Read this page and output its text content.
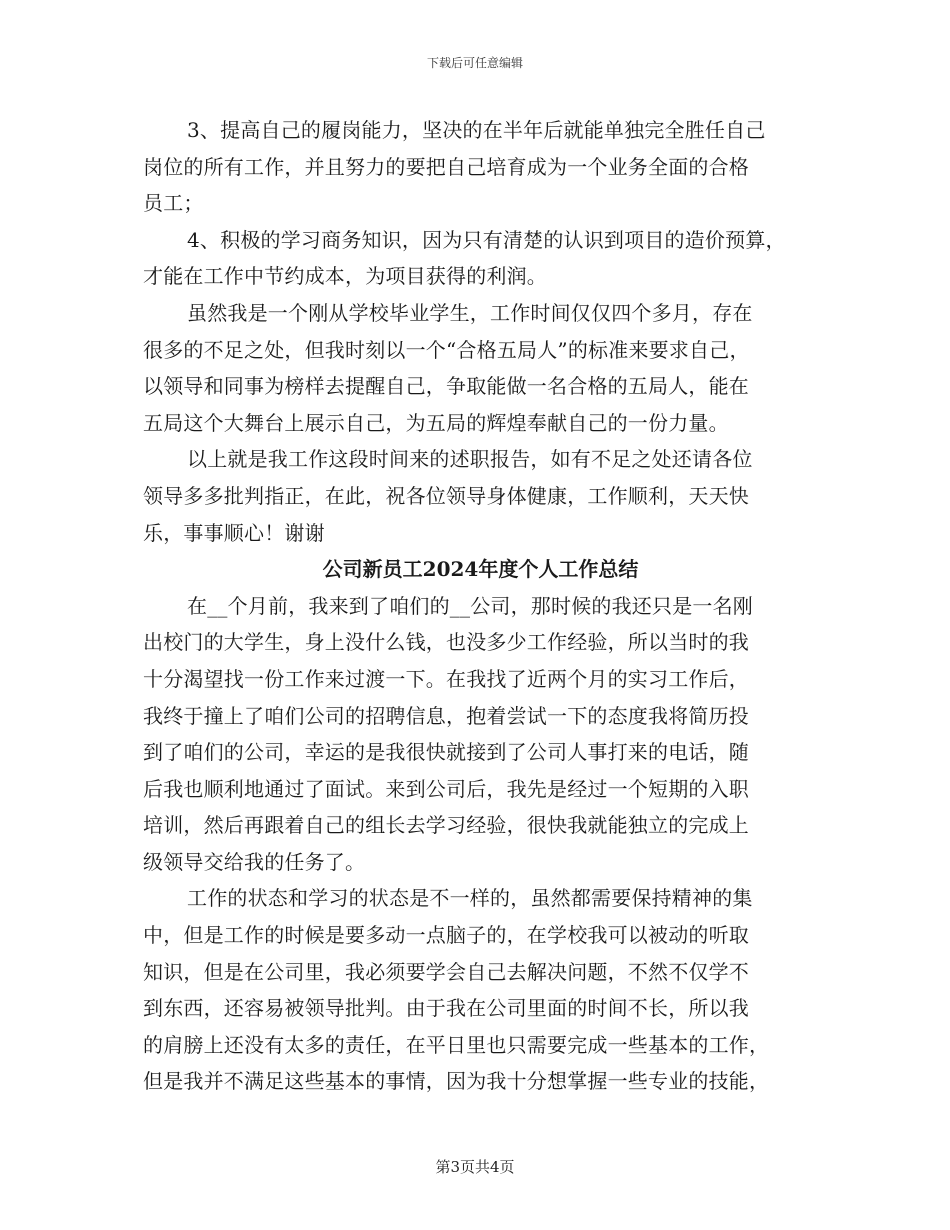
下载后可任意编辑
3、提高自己的履岗能力，坚决的在半年后就能单独完全胜任自己
岗位的所有工作，并且努力的要把自己培育成为一个业务全面的合格
员工；
4、积极的学习商务知识，因为只有清楚的认识到项目的造价预算，
才能在工作中节约成本，为项目获得的利润。
虽然我是一个刚从学校毕业学生，工作时间仅仅四个多月，存在
很多的不足之处，但我时刻以一个“合格五局人”的标准来要求自己，
以领导和同事为榜样去提醒自己，争取能做一名合格的五局人，能在
五局这个大舞台上展示自己，为五局的辉煌奉献自己的一份力量。
以上就是我工作这段时间来的述职报告，如有不足之处还请各位
领导多多批判指正，在此，祝各位领导身体健康，工作顺利，天天快
乐，事事顺心！谢谢
公司新员工2024年度个人工作总结
在__个月前，我来到了咱们的__公司，那时候的我还只是一名刚
出校门的大学生，身上没什么钱，也没多少工作经验，所以当时的我
十分渴望找一份工作来过渡一下。在我找了近两个月的实习工作后，
我终于撞上了咱们公司的招聘信息，抱着尝试一下的态度我将简历投
到了咱们的公司，幸运的是我很快就接到了公司人事打来的电话，随
后我也顺利地通过了面试。来到公司后，我先是经过一个短期的入职
培训，然后再跟着自己的组长去学习经验，很快我就能独立的完成上
级领导交给我的任务了。
工作的状态和学习的状态是不一样的，虽然都需要保持精神的集
中，但是工作的时候是要多动一点脑子的，在学校我可以被动的听取
知识，但是在公司里，我必须要学会自己去解决问题，不然不仅学不
到东西，还容易被领导批判。由于我在公司里面的时间不长，所以我
的肩膀上还没有太多的责任，在平日里也只需要完成一些基本的工作，
但是我并不满足这些基本的事情，因为我十分想掌握一些专业的技能，
第3页共4页
